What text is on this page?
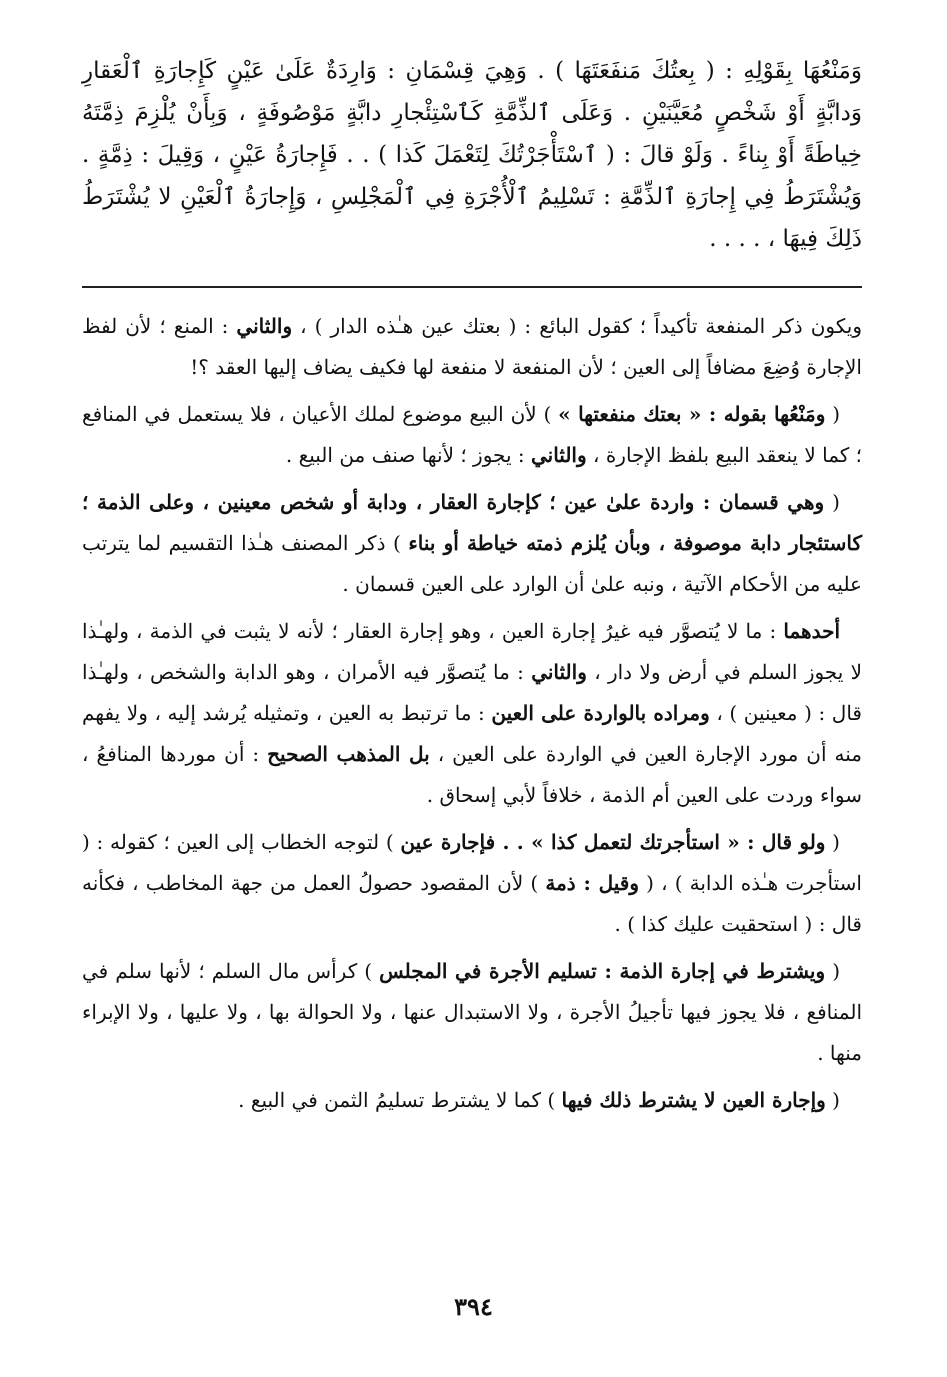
وَمَنْعُهَا بِقَوْلِهِ : ( بِعتُكَ مَنفَعَتَهَا ) . وَهِيَ قِسْمَانِ : وَارِدَةٌ عَلَىٰ عَيْنٍ كَإِجارَةِ ٱلْعَقارِ وَدابَّةٍ أَوْ شَخْصٍ مُعَيَّنَيْنِ . وَعَلَى ٱلذِّمَّةِ كَٱسْتِئْجارِ دابَّةٍ مَوْصُوفَةٍ ، وَبِأَنْ يُلْزِمَ ذِمَّتَهُ خِياطَةً أَوْ بِناءً . وَلَوْ قالَ : ( ٱسْتَأْجَرْتُكَ لِتَعْمَلَ كَذا ) . . فَإِجارَةُ عَيْنٍ ، وَقِيلَ : ذِمَّةٍ . وَيُشْتَرَطُ فِي إِجارَةِ ٱلذِّمَّةِ : تَسْلِيمُ ٱلْأُجْرَةِ فِي ٱلْمَجْلِسِ ، وَإِجارَةُ ٱلْعَيْنِ لا يُشْتَرَطُ ذَلِكَ فِيهَا ، . . . .

ويكون ذكر المنفعة تأكيداً ؛ كقول البائع : ( بعتك عين هـٰذه الدار ) ، والثاني : المنع ؛ لأن لفظ الإجارة وُضِعَ مضافاً إلى العين ؛ لأن المنفعة لا منفعة لها فكيف يضاف إليها العقد ؟!

( ومَنْعُها بقوله : « بعتك منفعتها » ) لأن البيع موضوع لملك الأعيان ، فلا يستعمل في المنافع ؛ كما لا ينعقد البيع بلفظ الإجارة ، والثاني : يجوز ؛ لأنها صنف من البيع .

( وهي قسمان : واردة علىٰ عين ؛ كإجارة العقار ، ودابة أو شخص معينين ، وعلى الذمة ؛ كاستئجار دابة موصوفة ، وبأن يُلزم ذمته خياطة أو بناء ) ذكر المصنف هـٰذا التقسيم لما يترتب عليه من الأحكام الآتية ، ونبه علىٰ أن الوارد على العين قسمان .

أحدهما : ما لا يُتصوَّر فيه غيرُ إجارة العين ، وهو إجارة العقار ؛ لأنه لا يثبت في الذمة ، ولهـٰذا لا يجوز السلم في أرض ولا دار ، والثاني : ما يُتصوَّر فيه الأمران ، وهو الدابة والشخص ، ولهـٰذا قال : ( معينين ) ، ومراده بالواردة على العين : ما ترتبط به العين ، وتمثيله يُرشد إليه ، ولا يفهم منه أن مورد الإجارة العين في الواردة على العين ، بل المذهب الصحيح : أن موردها المنافعُ ، سواء وردت على العين أم الذمة ، خلافاً لأبي إسحاق .

( ولو قال : « استأجرتك لتعمل كذا » . . فإجارة عين ) لتوجه الخطاب إلى العين ؛ كقوله : ( استأجرت هـٰذه الدابة ) ، ( وقيل : ذمة ) لأن المقصود حصولُ العمل من جهة المخاطب ، فكأنه قال : ( استحقيت عليك كذا ) .

( ويشترط في إجارة الذمة : تسليم الأجرة في المجلس ) كرأس مال السلم ؛ لأنها سلم في المنافع ، فلا يجوز فيها تأجيلُ الأجرة ، ولا الاستبدال عنها ، ولا الحوالة بها ، ولا عليها ، ولا الإبراء منها .

( وإجارة العين لا يشترط ذلك فيها ) كما لا يشترط تسليمُ الثمن في البيع .

٣٩٤
